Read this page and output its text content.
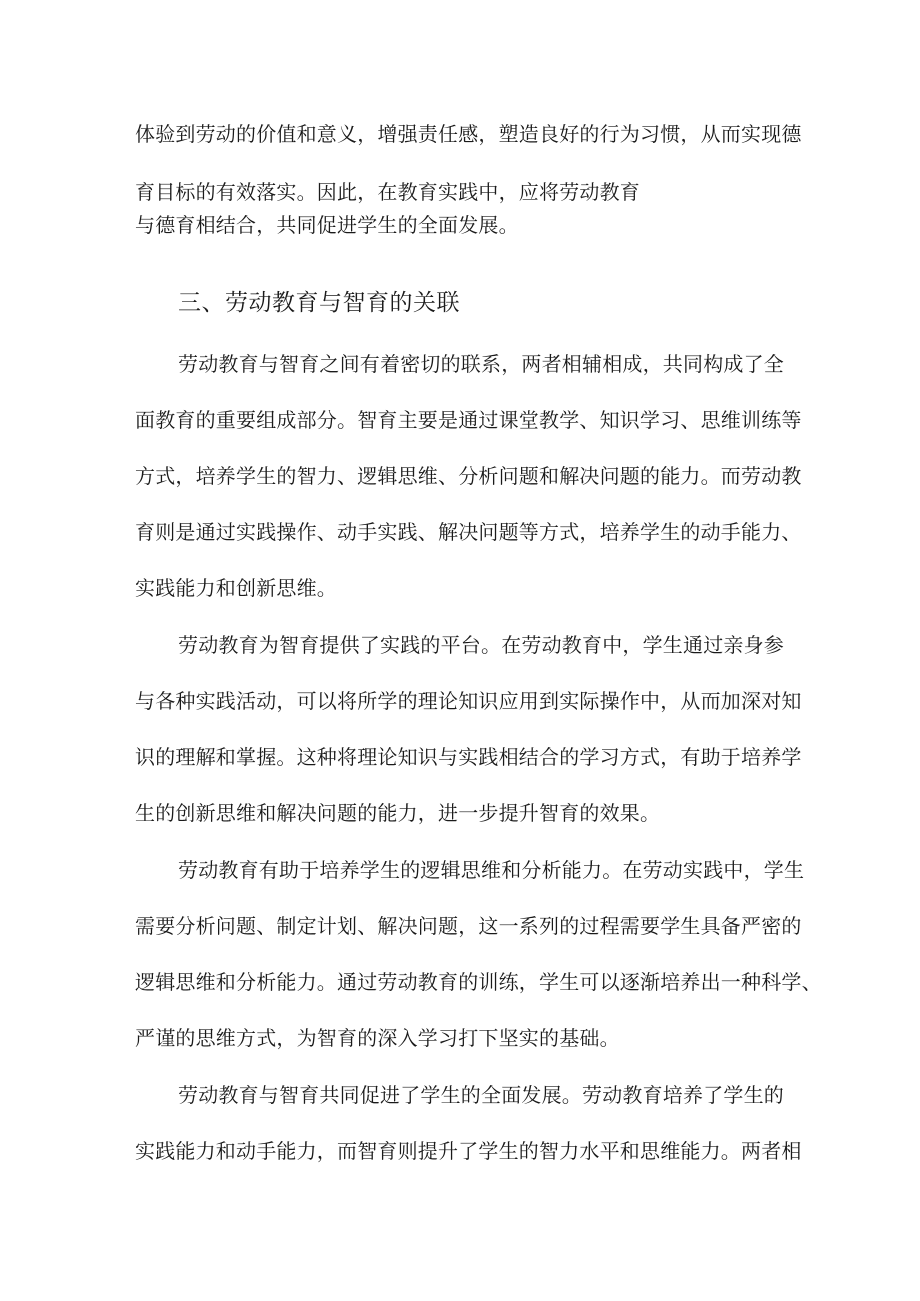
体验到劳动的价值和意义，增强责任感，塑造良好的行为习惯，从而实现德
育目标的有效落实。因此，在教育实践中，应将劳动教育
与德育相结合，共同促进学生的全面发展。
三、劳动教育与智育的关联
劳动教育与智育之间有着密切的联系，两者相辅相成，共同构成了全
面教育的重要组成部分。智育主要是通过课堂教学、知识学习、思维训练等
方式，培养学生的智力、逻辑思维、分析问题和解决问题的能力。而劳动教
育则是通过实践操作、动手实践、解决问题等方式，培养学生的动手能力、
实践能力和创新思维。
劳动教育为智育提供了实践的平台。在劳动教育中，学生通过亲身参
与各种实践活动，可以将所学的理论知识应用到实际操作中，从而加深对知
识的理解和掌握。这种将理论知识与实践相结合的学习方式，有助于培养学
生的创新思维和解决问题的能力，进一步提升智育的效果。
劳动教育有助于培养学生的逻辑思维和分析能力。在劳动实践中，学生
需要分析问题、制定计划、解决问题，这一系列的过程需要学生具备严密的
逻辑思维和分析能力。通过劳动教育的训练，学生可以逐渐培养出一种科学、
严谨的思维方式，为智育的深入学习打下坚实的基础。
劳动教育与智育共同促进了学生的全面发展。劳动教育培养了学生的
实践能力和动手能力，而智育则提升了学生的智力水平和思维能力。两者相
